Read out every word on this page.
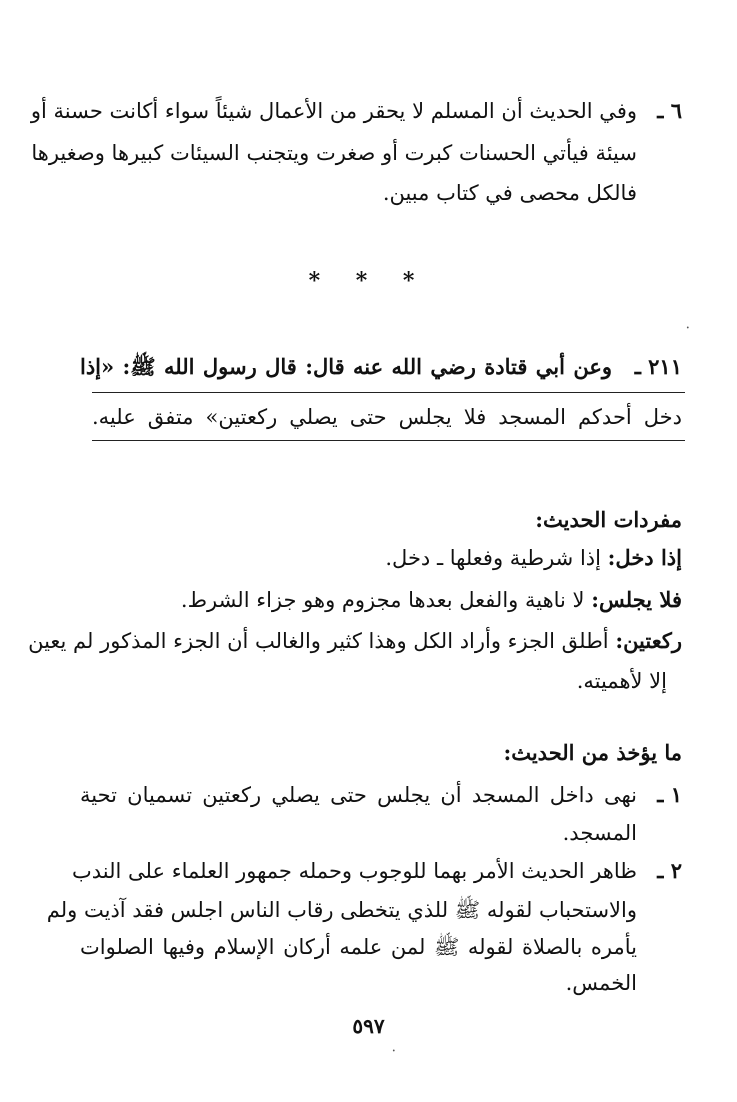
٦ ـ
وفي الحديث أن المسلم لا يحقر من الأعمال شيئاً سواء أكانت حسنة أو
سيئة فيأتي الحسنات كبرت أو صغرت ويتجنب السيئات كبيرها وصغيرها
فالكل محصى في كتاب مبين.
* * *
٢١١ ـ
وعن أبي قتادة رضي الله عنه قال: قال رسول الله ﷺ: «إذا
دخل أحدكم المسجد فلا يجلس حتى يصلي ركعتين» متفق عليه.
مفردات الحديث:
إذا دخل: إذا شرطية وفعلها ـ دخل.
فلا يجلس: لا ناهية والفعل بعدها مجزوم وهو جزاء الشرط.
ركعتين: أطلق الجزء وأراد الكل وهذا كثير والغالب أن الجزء المذكور لم يعين
إلا لأهميته.
ما يؤخذ من الحديث:
١ ـ
نهى داخل المسجد أن يجلس حتى يصلي ركعتين تسميان تحية
المسجد.
٢ ـ
ظاهر الحديث الأمر بهما للوجوب وحمله جمهور العلماء على الندب
والاستحباب لقوله ﷺ للذي يتخطى رقاب الناس اجلس فقد آذيت ولم
يأمره بالصلاة لقوله ﷺ لمن علمه أركان الإسلام وفيها الصلوات
الخمس.
٥٩٧
•
•
